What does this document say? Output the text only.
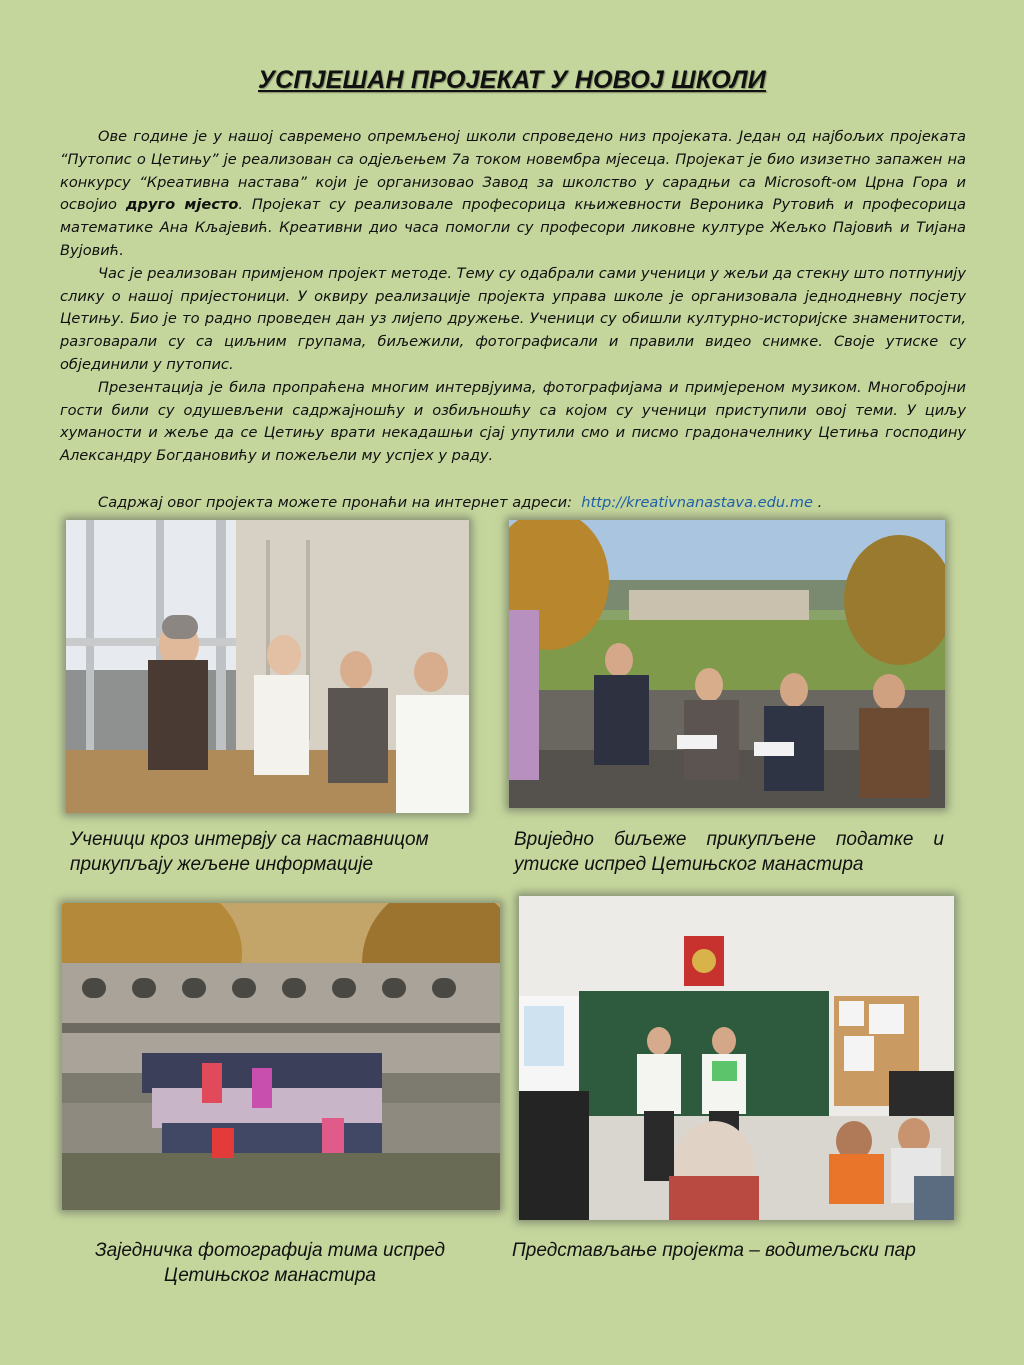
УСПЈЕШАН ПРОЈЕКАТ У НОВОЈ ШКОЛИ

Ове године је у нашој савремено опремљеној школи спроведено низ пројеката. Један од најбољих пројеката “Путопис о Цетињу” је реализован са одјељењем 7а током новембра мјесеца. Пројекат је био изизетно запажен на конкурсу “Креативна настава” који је организовао Завод за школство у сарадњи са Microsoft-ом Црна Гора и освојио друго мјесто. Пројекат су реализовале професорица књижевности Вероника Рутовић и професорица математике Ана Кљајевић. Креативни дио часа помогли су професори ликовне културе Жељко Пајовић и Тијана Вујовић.

Час је реализован примјеном пројект методе. Тему су одабрали сами ученици у жељи да стекну што потпунију слику о нашој пријестоници. У оквиру реализације пројекта управа школе је организовала једнодневну посјету Цетињу. Био је то радно проведен дан уз лијепо дружење. Ученици су обишли културно-историјске знаменитости, разговарали су са циљним групама, биљежили, фотографисали и правили видео снимке. Своје утиске су објединили у путопис.

Презентација је била пропраћена многим интервјуима, фотографијама и примјереном музиком. Многобројни гости били су одушевљени садржајношћу и озбиљношћу са којом су ученици приступили овој теми. У циљу хуманости и жеље да се Цетињу врати некадашњи сјај упутили смо и писмо градоначелнику Цетиња господину Александру Богдановићу и пожељели му успјех у раду.

Садржај овог пројекта можете пронаћи на интернет адреси: http://kreativnanastava.edu.me .
Ученици кроз интервју са наставницом прикупљају жељене информације
Вриједно биљеже прикупљене податке и утиске испред Цетињског манастира
Заједничка фотографија тима испред Цетињског манастира
Представљање пројекта – водитељски пар
